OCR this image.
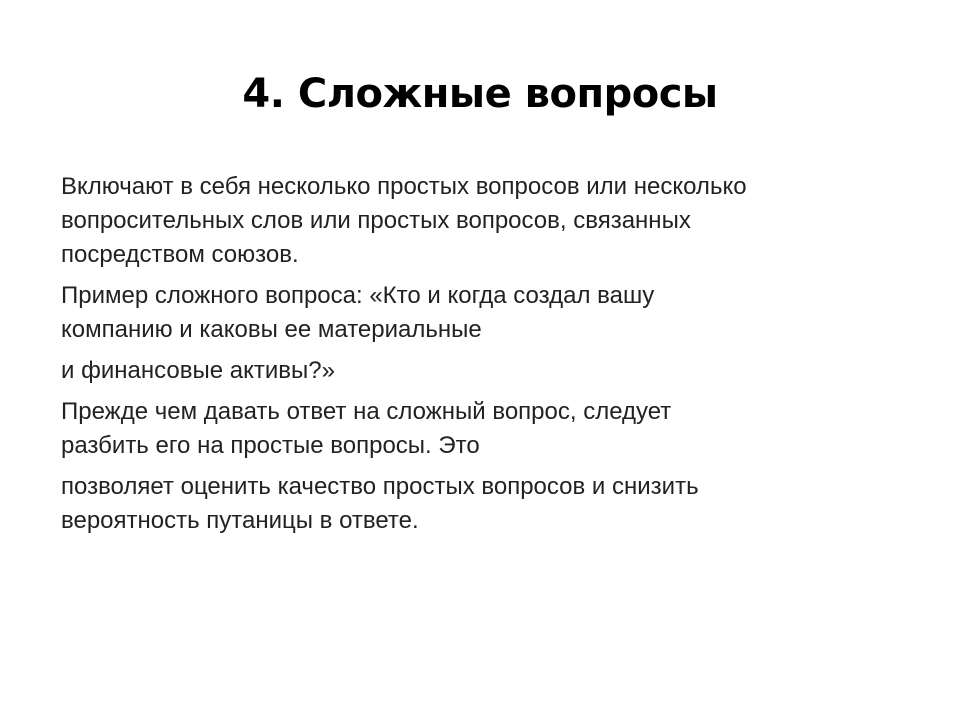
4. Сложные вопросы

Включают в себя несколько простых вопросов или несколько
вопросительных слов или простых вопросов, связанных
посредством союзов.

Пример сложного вопроса: «Кто и когда создал вашу
компанию и каковы ее материальные

и финансовые активы?»

Прежде чем давать ответ на сложный вопрос, следует
разбить его на простые вопросы. Это

позволяет оценить качество простых вопросов и снизить
вероятность путаницы в ответе.
